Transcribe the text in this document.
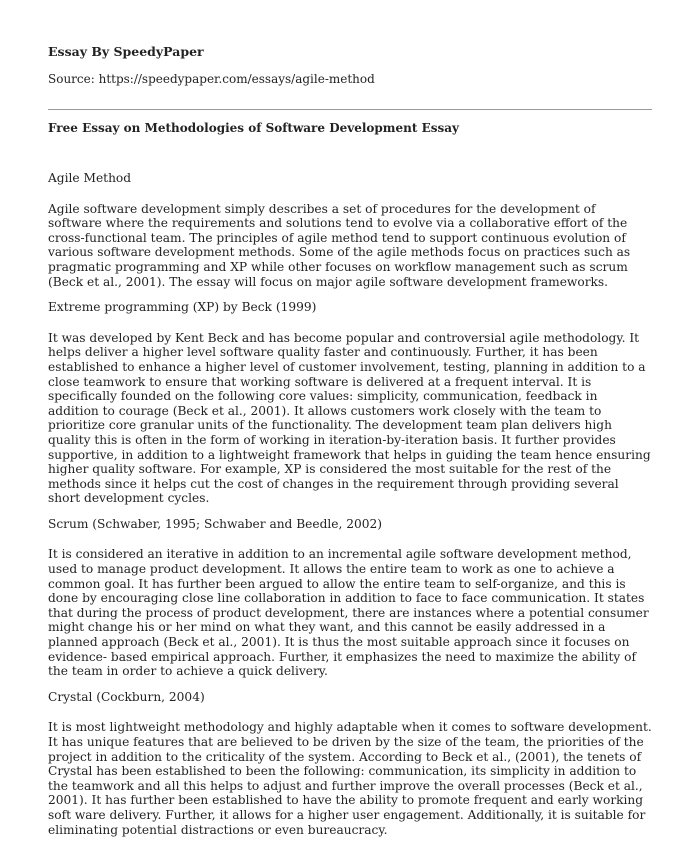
Essay By SpeedyPaper

Source: https://speedypaper.com/essays/agile-method

Free Essay on Methodologies of Software Development Essay
Agile Method

Agile software development simply describes a set of procedures for the development of software where the requirements and solutions tend to evolve via a collaborative effort of the cross-functional team. The principles of agile method tend to support continuous evolution of various software development methods. Some of the agile methods focus on practices such as pragmatic programming and XP while other focuses on workflow management such as scrum (Beck et al., 2001). The essay will focus on major agile software development frameworks.

Extreme programming (XP) by Beck (1999)

It was developed by Kent Beck and has become popular and controversial agile methodology. It helps deliver a higher level software quality faster and continuously. Further, it has been established to enhance a higher level of customer involvement, testing, planning in addition to a close teamwork to ensure that working software is delivered at a frequent interval. It is specifically founded on the following core values: simplicity, communication, feedback in addition to courage (Beck et al., 2001). It allows customers work closely with the team to prioritize core granular units of the functionality. The development team plan delivers high quality this is often in the form of working in iteration-by-iteration basis. It further provides supportive, in addition to a lightweight framework that helps in guiding the team hence ensuring higher quality software. For example, XP is considered the most suitable for the rest of the methods since it helps cut the cost of changes in the requirement through providing several short development cycles.

Scrum (Schwaber, 1995; Schwaber and Beedle, 2002)

It is considered an iterative in addition to an incremental agile software development method, used to manage product development. It allows the entire team to work as one to achieve a common goal. It has further been argued to allow the entire team to self-organize, and this is done by encouraging close line collaboration in addition to face to face communication. It states that during the process of product development, there are instances where a potential consumer might change his or her mind on what they want, and this cannot be easily addressed in a planned approach (Beck et al., 2001). It is thus the most suitable approach since it focuses on evidence- based empirical approach. Further, it emphasizes the need to maximize the ability of the team in order to achieve a quick delivery.

Crystal (Cockburn, 2004)

It is most lightweight methodology and highly adaptable when it comes to software development. It has unique features that are believed to be driven by the size of the team, the priorities of the project in addition to the criticality of the system. According to Beck et al., (2001), the tenets of Crystal has been established to been the following: communication, its simplicity in addition to the teamwork and all this helps to adjust and further improve the overall processes (Beck et al., 2001). It has further been established to have the ability to promote frequent and early working soft ware delivery. Further, it allows for a higher user engagement. Additionally, it is suitable for eliminating potential distractions or even bureaucracy.
